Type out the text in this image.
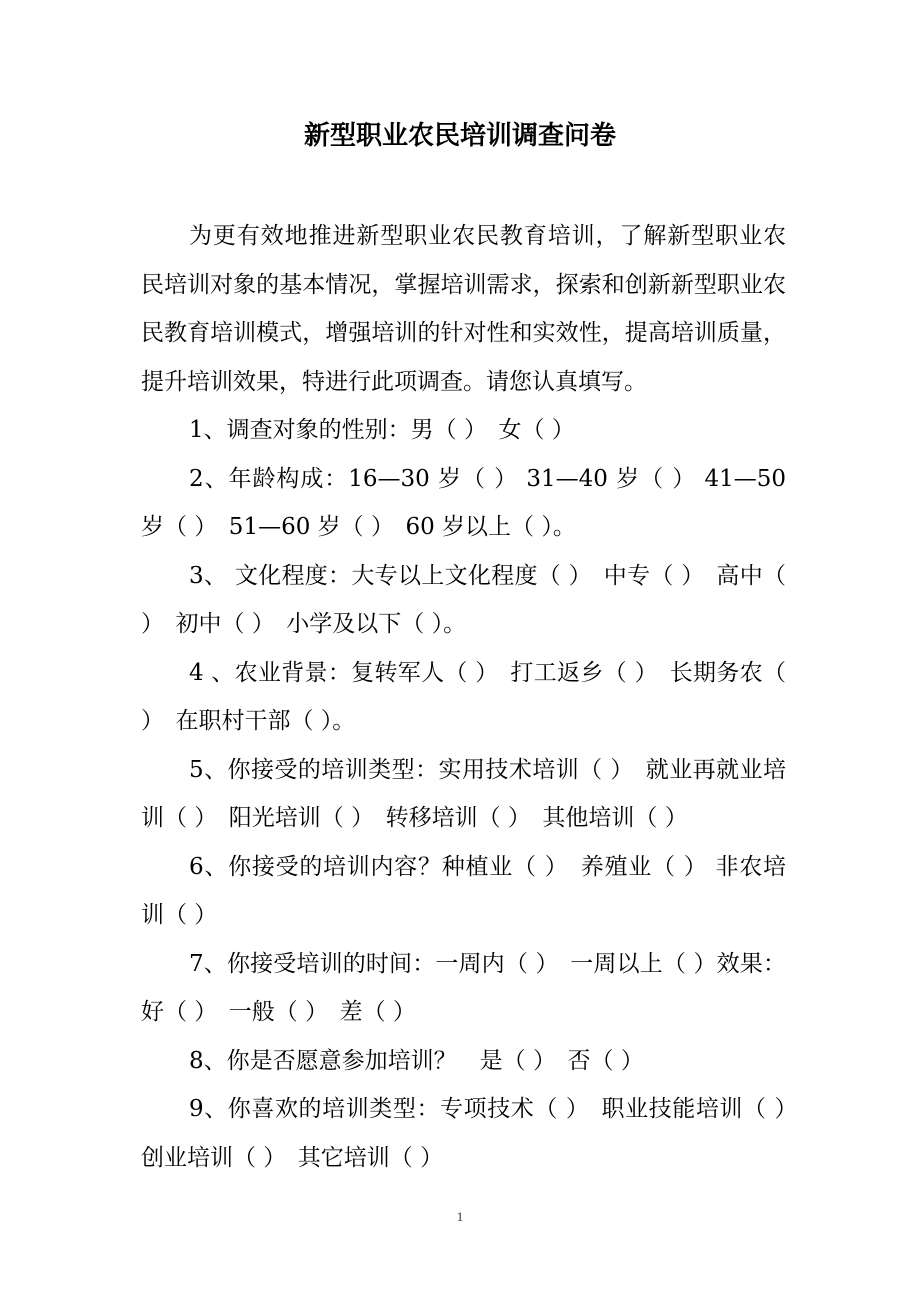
新型职业农民培训调查问卷

为更有效地推进新型职业农民教育培训，了解新型职业农民培训对象的基本情况，掌握培训需求，探索和创新新型职业农民教育培训模式，增强培训的针对性和实效性，提高培训质量，提升培训效果，特进行此项调查。请您认真填写。

1、调查对象的性别：男（ ）　女（ ）

2、年龄构成：16—30 岁（ ） 31—40 岁（ ） 41—50 岁（ ）　51—60 岁（ ）　60 岁以上（ ）。

3、 文化程度：大专以上文化程度（ ）　中专（ ）　高中（ ）　初中（ ）　小学及以下（ ）。

4 、农业背景：复转军人（ ）　打工返乡（ ）　长期务农（ ）　在职村干部（ ）。

5、你接受的培训类型：实用技术培训（ ）　就业再就业培训（ ）　阳光培训（ ）　转移培训（ ）　其他培训（ ）

6、你接受的培训内容？种植业（ ）　养殖业（ ） 非农培训（ ）

7、你接受培训的时间：一周内（ ）　一周以上（ ）效果：好（ ）　一般（ ）　差（ ）

8、你是否愿意参加培训？　是（ ）　否（ ）

9、你喜欢的培训类型：专项技术（ ）　职业技能培训（ ）　创业培训（ ）　其它培训（ ）

1
